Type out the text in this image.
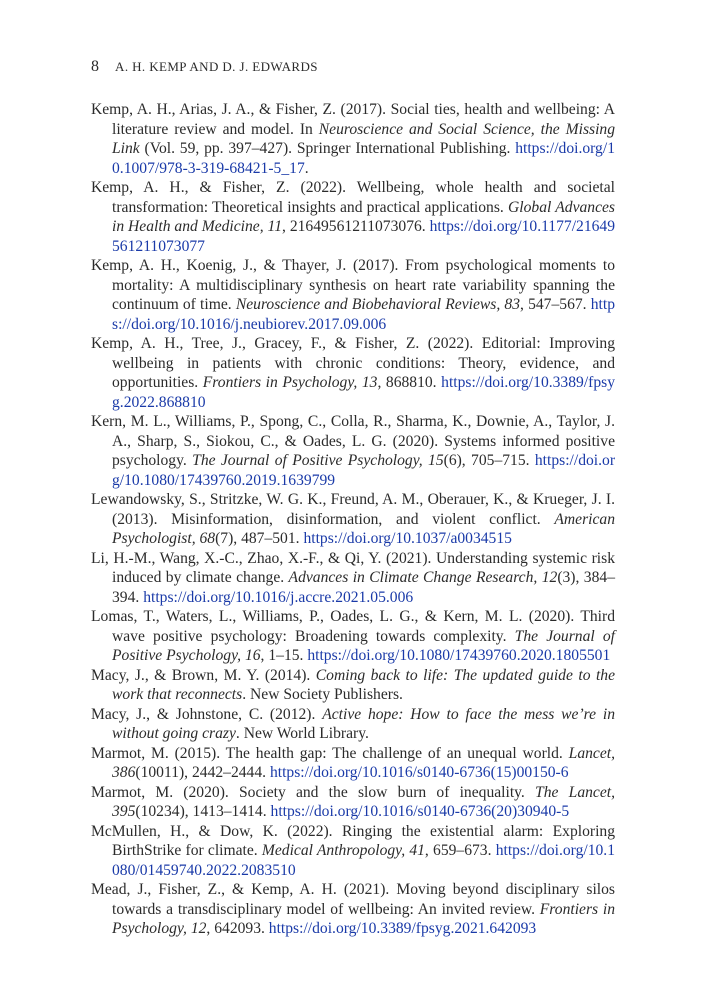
8 A. H. KEMP AND D. J. EDWARDS

Kemp, A. H., Arias, J. A., & Fisher, Z. (2017). Social ties, health and wellbeing: A literature review and model. In Neuroscience and Social Science, the Missing Link (Vol. 59, pp. 397–427). Springer International Publishing. https://doi.org/10.1007/978-3-319-68421-5_17.

Kemp, A. H., & Fisher, Z. (2022). Wellbeing, whole health and societal transformation: Theoretical insights and practical applications. Global Advances in Health and Medicine, 11, 21649561211073076. https://doi.org/10.1177/21649561211073077

Kemp, A. H., Koenig, J., & Thayer, J. (2017). From psychological moments to mortality: A multidisciplinary synthesis on heart rate variability spanning the continuum of time. Neuroscience and Biobehavioral Reviews, 83, 547–567. https://doi.org/10.1016/j.neubiorev.2017.09.006

Kemp, A. H., Tree, J., Gracey, F., & Fisher, Z. (2022). Editorial: Improving wellbeing in patients with chronic conditions: Theory, evidence, and opportunities. Frontiers in Psychology, 13, 868810. https://doi.org/10.3389/fpsyg.2022.868810

Kern, M. L., Williams, P., Spong, C., Colla, R., Sharma, K., Downie, A., Taylor, J. A., Sharp, S., Siokou, C., & Oades, L. G. (2020). Systems informed positive psychology. The Journal of Positive Psychology, 15(6), 705–715. https://doi.org/10.1080/17439760.2019.1639799

Lewandowsky, S., Stritzke, W. G. K., Freund, A. M., Oberauer, K., & Krueger, J. I. (2013). Misinformation, disinformation, and violent conflict. American Psychologist, 68(7), 487–501. https://doi.org/10.1037/a0034515

Li, H.-M., Wang, X.-C., Zhao, X.-F., & Qi, Y. (2021). Understanding systemic risk induced by climate change. Advances in Climate Change Research, 12(3), 384–394. https://doi.org/10.1016/j.accre.2021.05.006

Lomas, T., Waters, L., Williams, P., Oades, L. G., & Kern, M. L. (2020). Third wave positive psychology: Broadening towards complexity. The Journal of Positive Psychology, 16, 1–15. https://doi.org/10.1080/17439760.2020.1805501

Macy, J., & Brown, M. Y. (2014). Coming back to life: The updated guide to the work that reconnects. New Society Publishers.

Macy, J., & Johnstone, C. (2012). Active hope: How to face the mess we’re in without going crazy. New World Library.

Marmot, M. (2015). The health gap: The challenge of an unequal world. Lancet, 386(10011), 2442–2444. https://doi.org/10.1016/s0140-6736(15)00150-6

Marmot, M. (2020). Society and the slow burn of inequality. The Lancet, 395(10234), 1413–1414. https://doi.org/10.1016/s0140-6736(20)30940-5

McMullen, H., & Dow, K. (2022). Ringing the existential alarm: Exploring BirthStrike for climate. Medical Anthropology, 41, 659–673. https://doi.org/10.1080/01459740.2022.2083510

Mead, J., Fisher, Z., & Kemp, A. H. (2021). Moving beyond disciplinary silos towards a transdisciplinary model of wellbeing: An invited review. Frontiers in Psychology, 12, 642093. https://doi.org/10.3389/fpsyg.2021.642093
